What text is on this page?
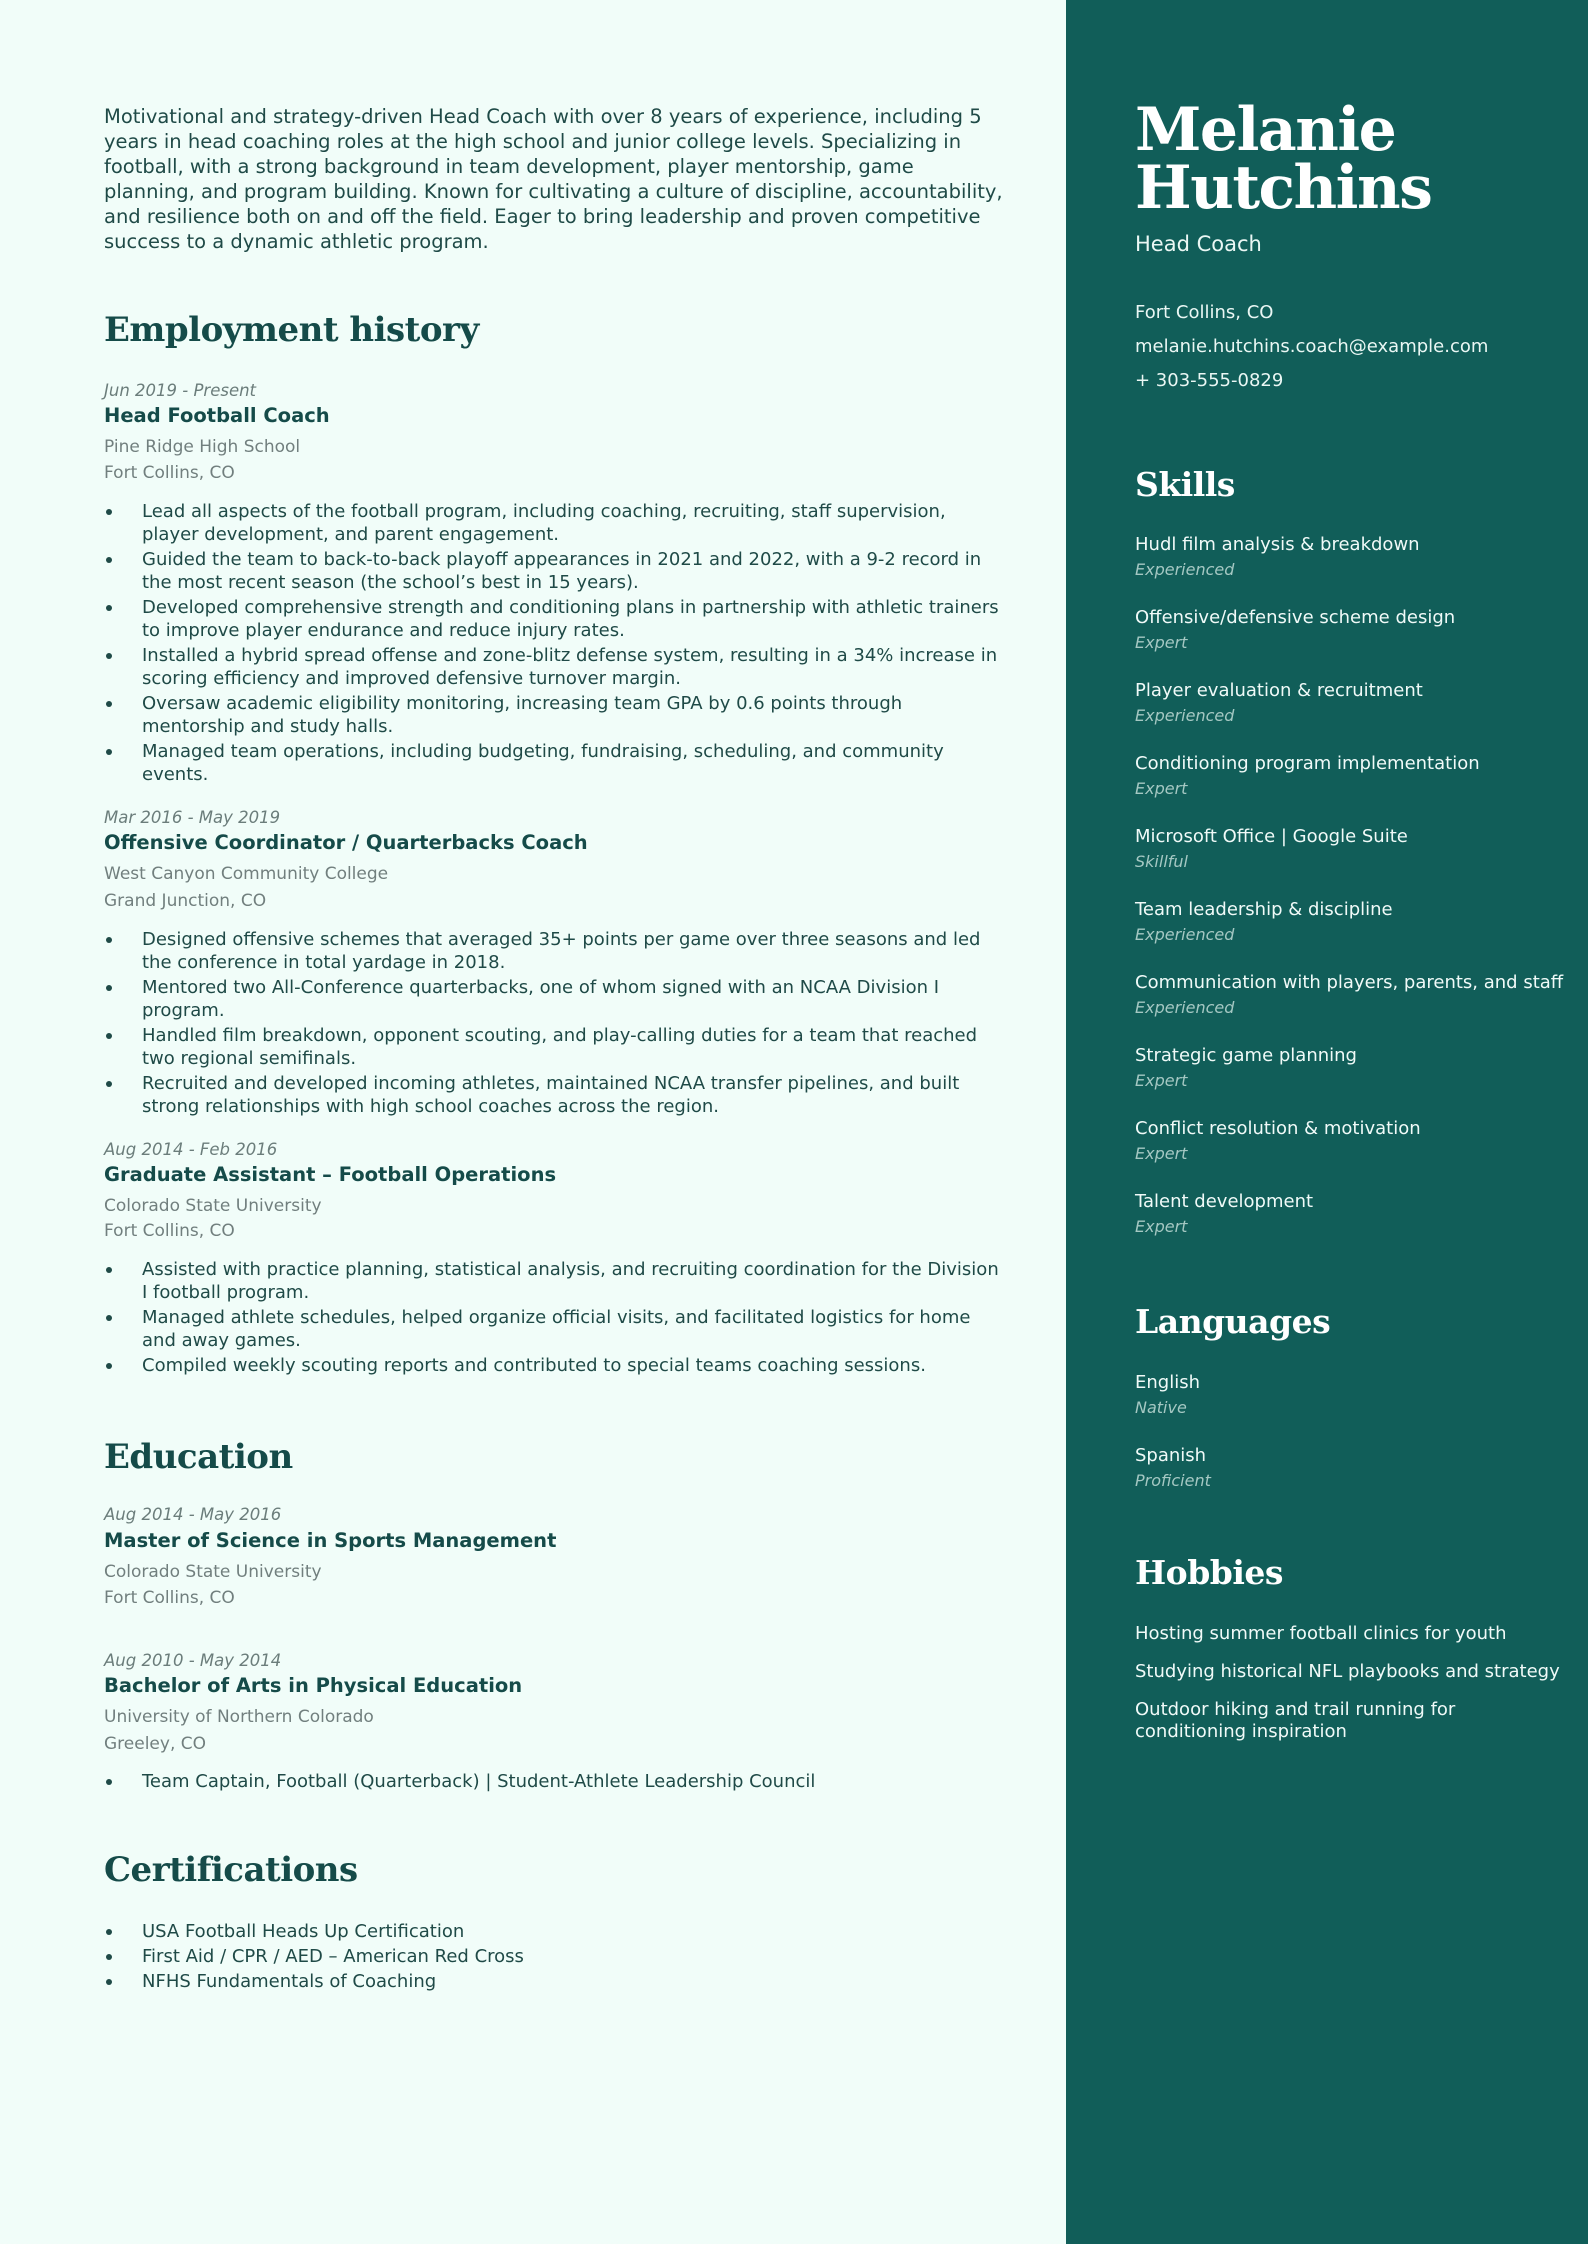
Motivational and strategy-driven Head Coach with over 8 years of experience, including 5 years in head coaching roles at the high school and junior college levels. Specializing in football, with a strong background in team development, player mentorship, game planning, and program building. Known for cultivating a culture of discipline, accountability, and resilience both on and off the field. Eager to bring leadership and proven competitive success to a dynamic athletic program.

Employment history
Jun 2019 - Present
Head Football Coach
Pine Ridge High School
Fort Collins, CO
Lead all aspects of the football program, including coaching, recruiting, staff supervision, player development, and parent engagement.
Guided the team to back-to-back playoff appearances in 2021 and 2022, with a 9-2 record in the most recent season (the school’s best in 15 years).
Developed comprehensive strength and conditioning plans in partnership with athletic trainers to improve player endurance and reduce injury rates.
Installed a hybrid spread offense and zone-blitz defense system, resulting in a 34% increase in scoring efficiency and improved defensive turnover margin.
Oversaw academic eligibility monitoring, increasing team GPA by 0.6 points through mentorship and study halls.
Managed team operations, including budgeting, fundraising, scheduling, and community events.
Mar 2016 - May 2019
Offensive Coordinator / Quarterbacks Coach
West Canyon Community College
Grand Junction, CO
Designed offensive schemes that averaged 35+ points per game over three seasons and led the conference in total yardage in 2018.
Mentored two All-Conference quarterbacks, one of whom signed with an NCAA Division I program.
Handled film breakdown, opponent scouting, and play-calling duties for a team that reached two regional semifinals.
Recruited and developed incoming athletes, maintained NCAA transfer pipelines, and built strong relationships with high school coaches across the region.
Aug 2014 - Feb 2016
Graduate Assistant – Football Operations
Colorado State University
Fort Collins, CO
Assisted with practice planning, statistical analysis, and recruiting coordination for the Division I football program.
Managed athlete schedules, helped organize official visits, and facilitated logistics for home and away games.
Compiled weekly scouting reports and contributed to special teams coaching sessions.
Education
Aug 2014 - May 2016
Master of Science in Sports Management
Colorado State University
Fort Collins, CO
Aug 2010 - May 2014
Bachelor of Arts in Physical Education
University of Northern Colorado
Greeley, CO
Team Captain, Football (Quarterback) | Student-Athlete Leadership Council
Certifications
USA Football Heads Up Certification
First Aid / CPR / AED – American Red Cross
NFHS Fundamentals of Coaching
Melanie
Hutchins
Head Coach
Fort Collins, CO
melanie.hutchins.coach@example.com
+ 303-555-0829
Skills
Hudl film analysis & breakdown
Experienced
Offensive/defensive scheme design
Expert
Player evaluation & recruitment
Experienced
Conditioning program implementation
Expert
Microsoft Office | Google Suite
Skillful
Team leadership & discipline
Experienced
Communication with players, parents, and staff
Experienced
Strategic game planning
Expert
Conflict resolution & motivation
Expert
Talent development
Expert
Languages
English
Native
Spanish
Proficient
Hobbies
Hosting summer football clinics for youth
Studying historical NFL playbooks and strategy
Outdoor hiking and trail running for conditioning inspiration
